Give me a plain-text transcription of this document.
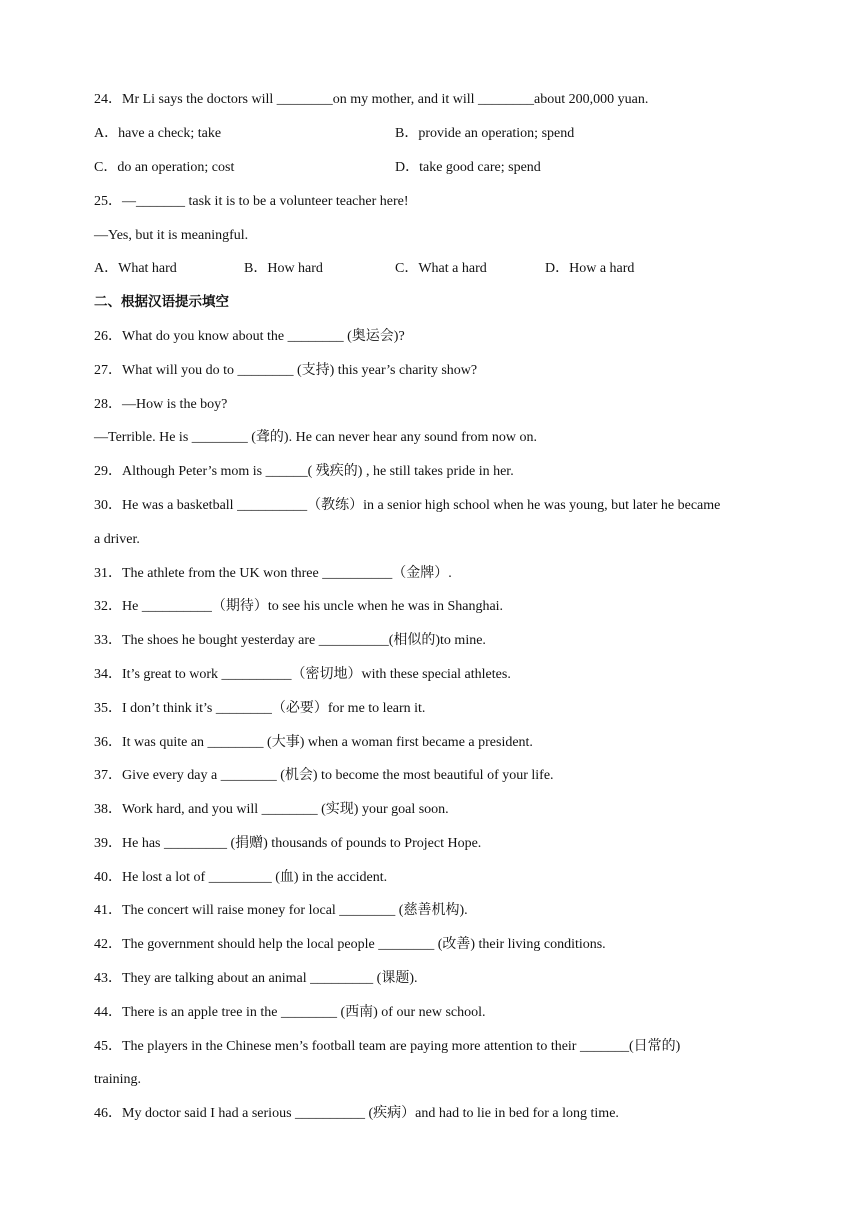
24．Mr Li says the doctors will ________on my mother, and it will ________about 200,000 yuan.
A．have a check; take	B．provide an operation; spend
C．do an operation; cost	D．take good care; spend
25．—_______ task it is to be a volunteer teacher here!
—Yes, but it is meaningful.
A．What hard	B．How hard	C．What a hard	D．How a hard
二、根据汉语提示填空
26．What do you know about the ________ (奥运会)?
27．What will you do to ________ (支持) this year’s charity show?
28．—How is the boy?
—Terrible. He is ________ (聋的). He can never hear any sound from now on.
29．Although Peter’s mom is ______( 残疾的) , he still takes pride in her.
30．He was a basketball __________（教练）in a senior high school when he was young, but later he became
a driver.
31．The athlete from the UK won three __________（金牌）.
32．He __________（期待）to see his uncle when he was in Shanghai.
33．The shoes he bought yesterday are __________(相似的)to mine.
34．It’s great to work __________（密切地）with these special athletes.
35．I don’t think it’s ________（必要）for me to learn it.
36．It was quite an ________ (大事) when a woman first became a president.
37．Give every day a ________ (机会) to become the most beautiful of your life.
38．Work hard, and you will ________ (实现) your goal soon.
39．He has _________ (捐赠) thousands of pounds to Project Hope.
40．He lost a lot of _________ (血) in the accident.
41．The concert will raise money for local ________ (慈善机构).
42．The government should help the local people ________ (改善) their living conditions.
43．They are talking about an animal _________ (课题).
44．There is an apple tree in the ________ (西南) of our new school.
45．The players in the Chinese men’s football team are paying more attention to their _______(日常的)
training.
46．My doctor said I had a serious __________ (疾病）and had to lie in bed for a long time.
